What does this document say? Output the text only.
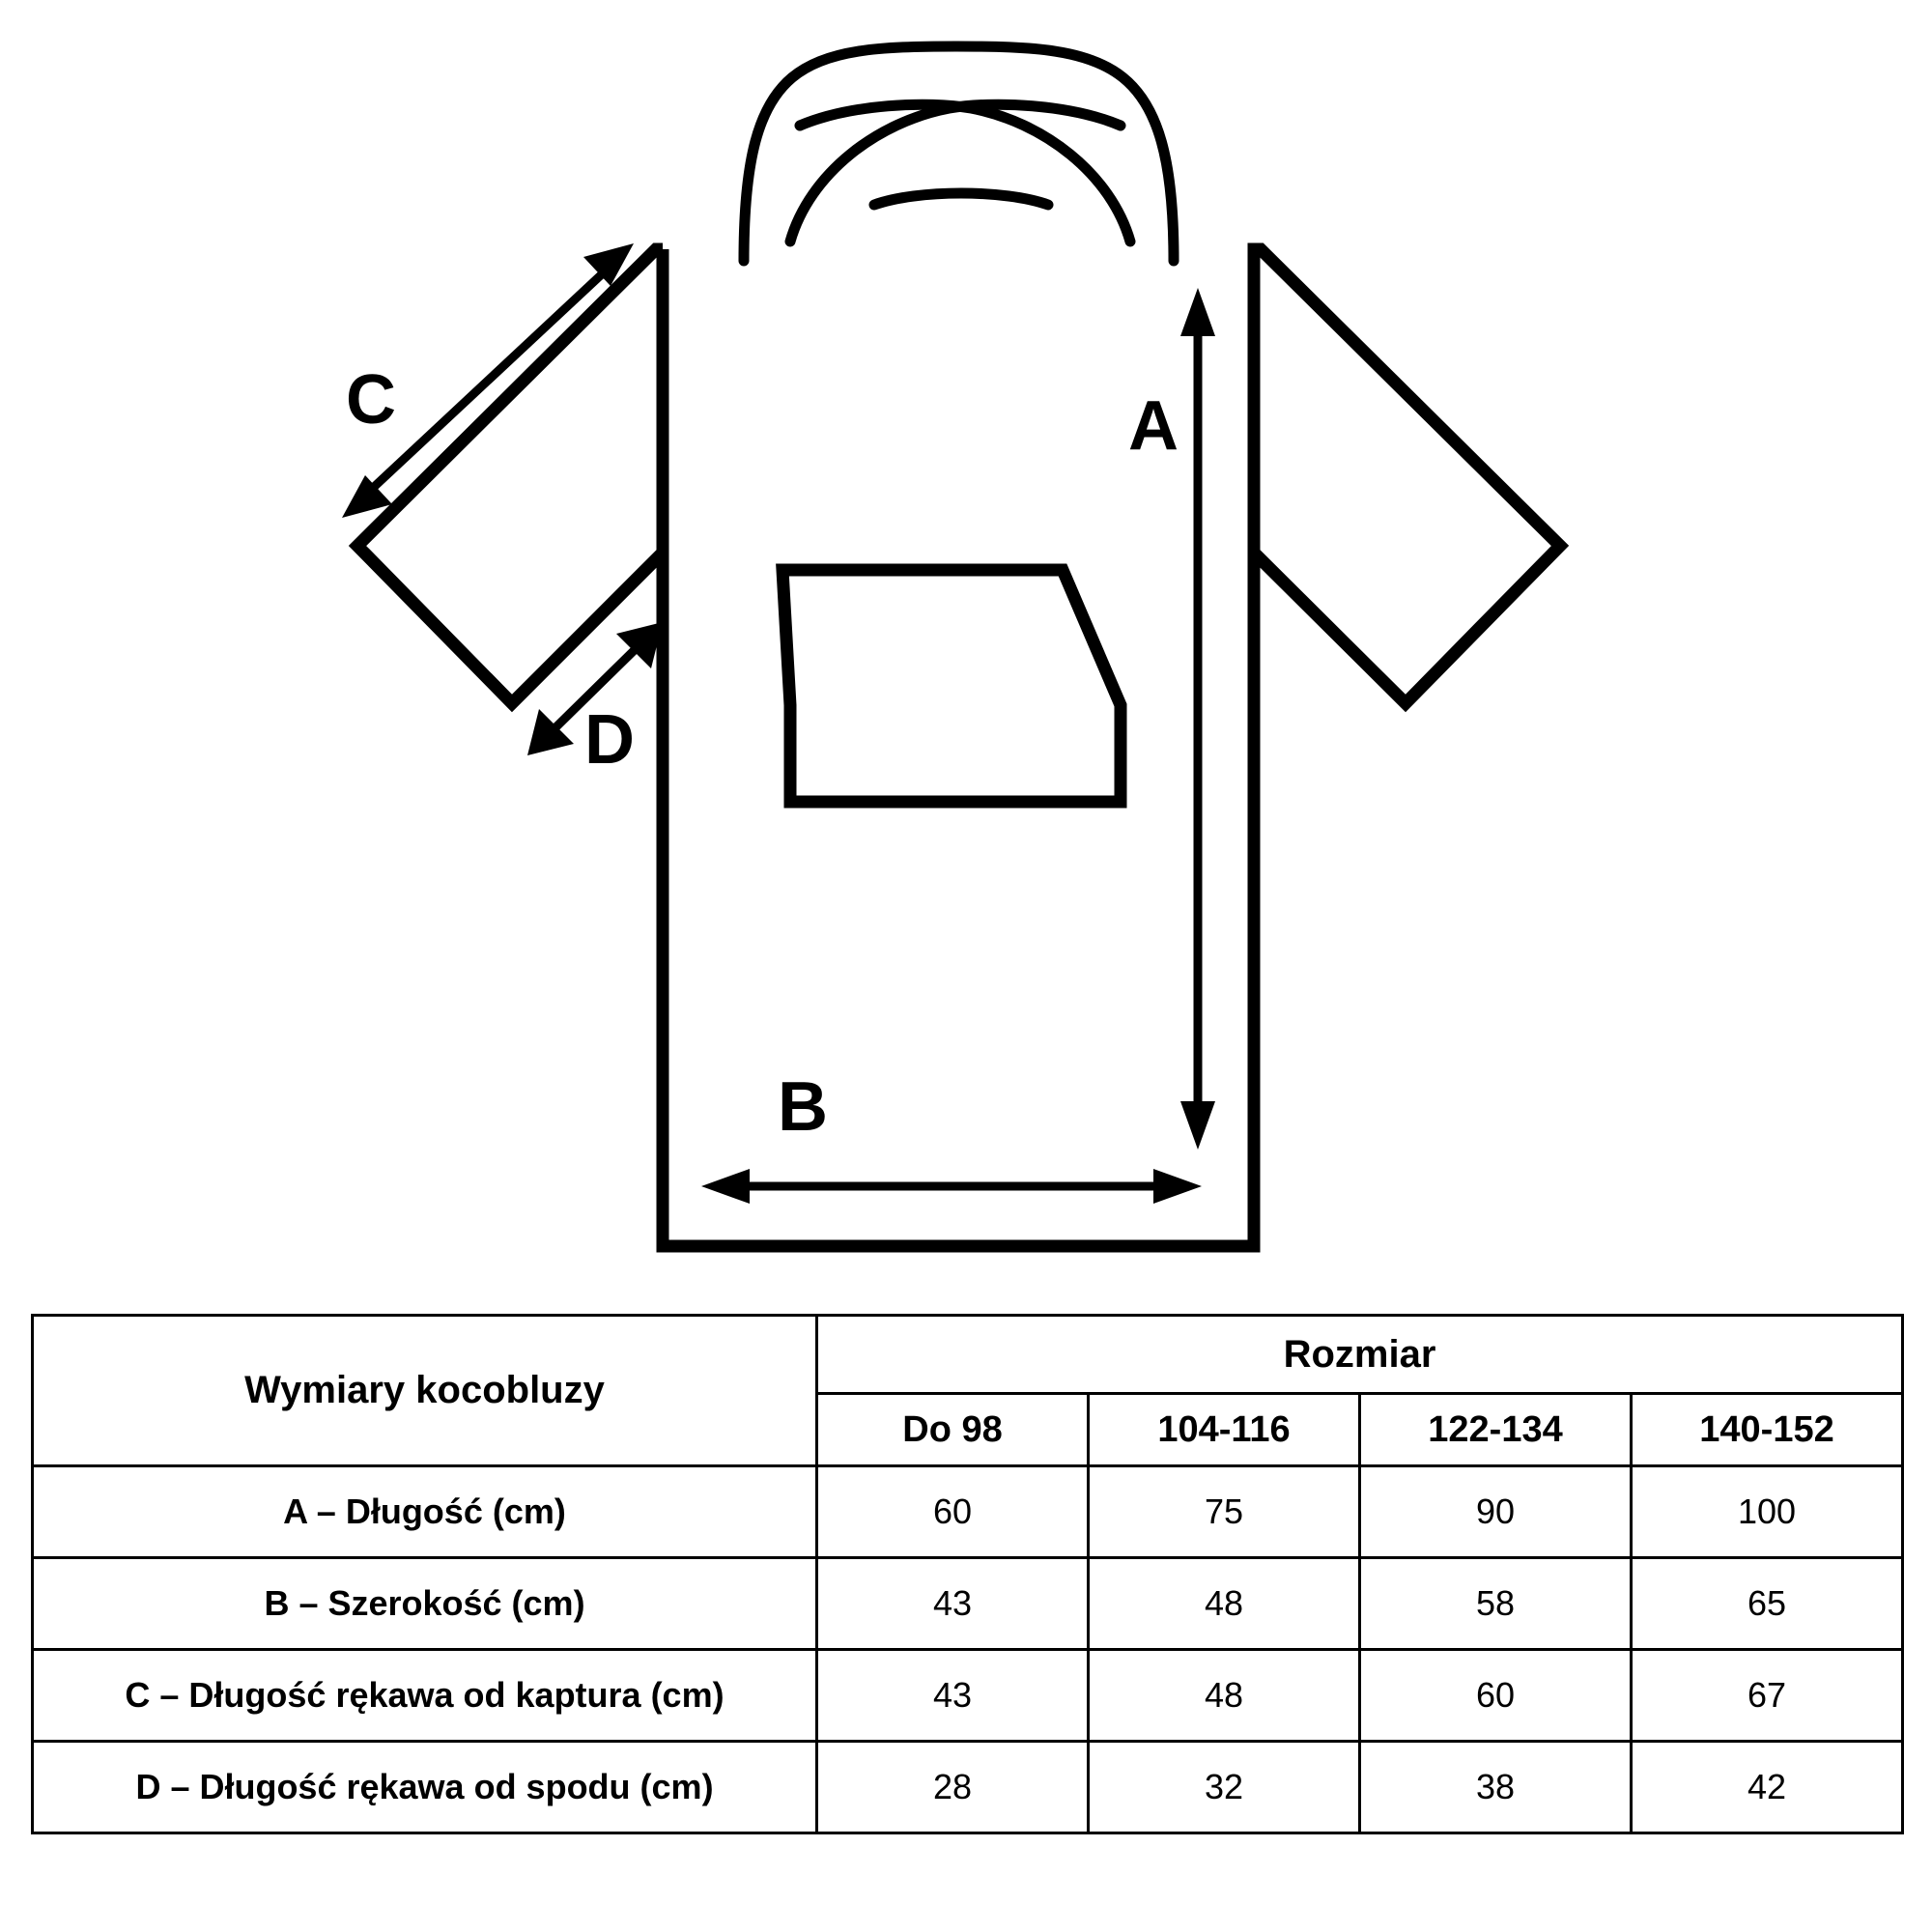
A
B
C
D
Wymiary kocobluzy	Rozmiar			
	Do 98	104-116	122-134	140-152
A – Długość (cm)	60	75	90	100
B – Szerokość (cm)	43	48	58	65
C – Długość rękawa od kaptura (cm)	43	48	60	67
D – Długość rękawa od spodu (cm)	28	32	38	42
